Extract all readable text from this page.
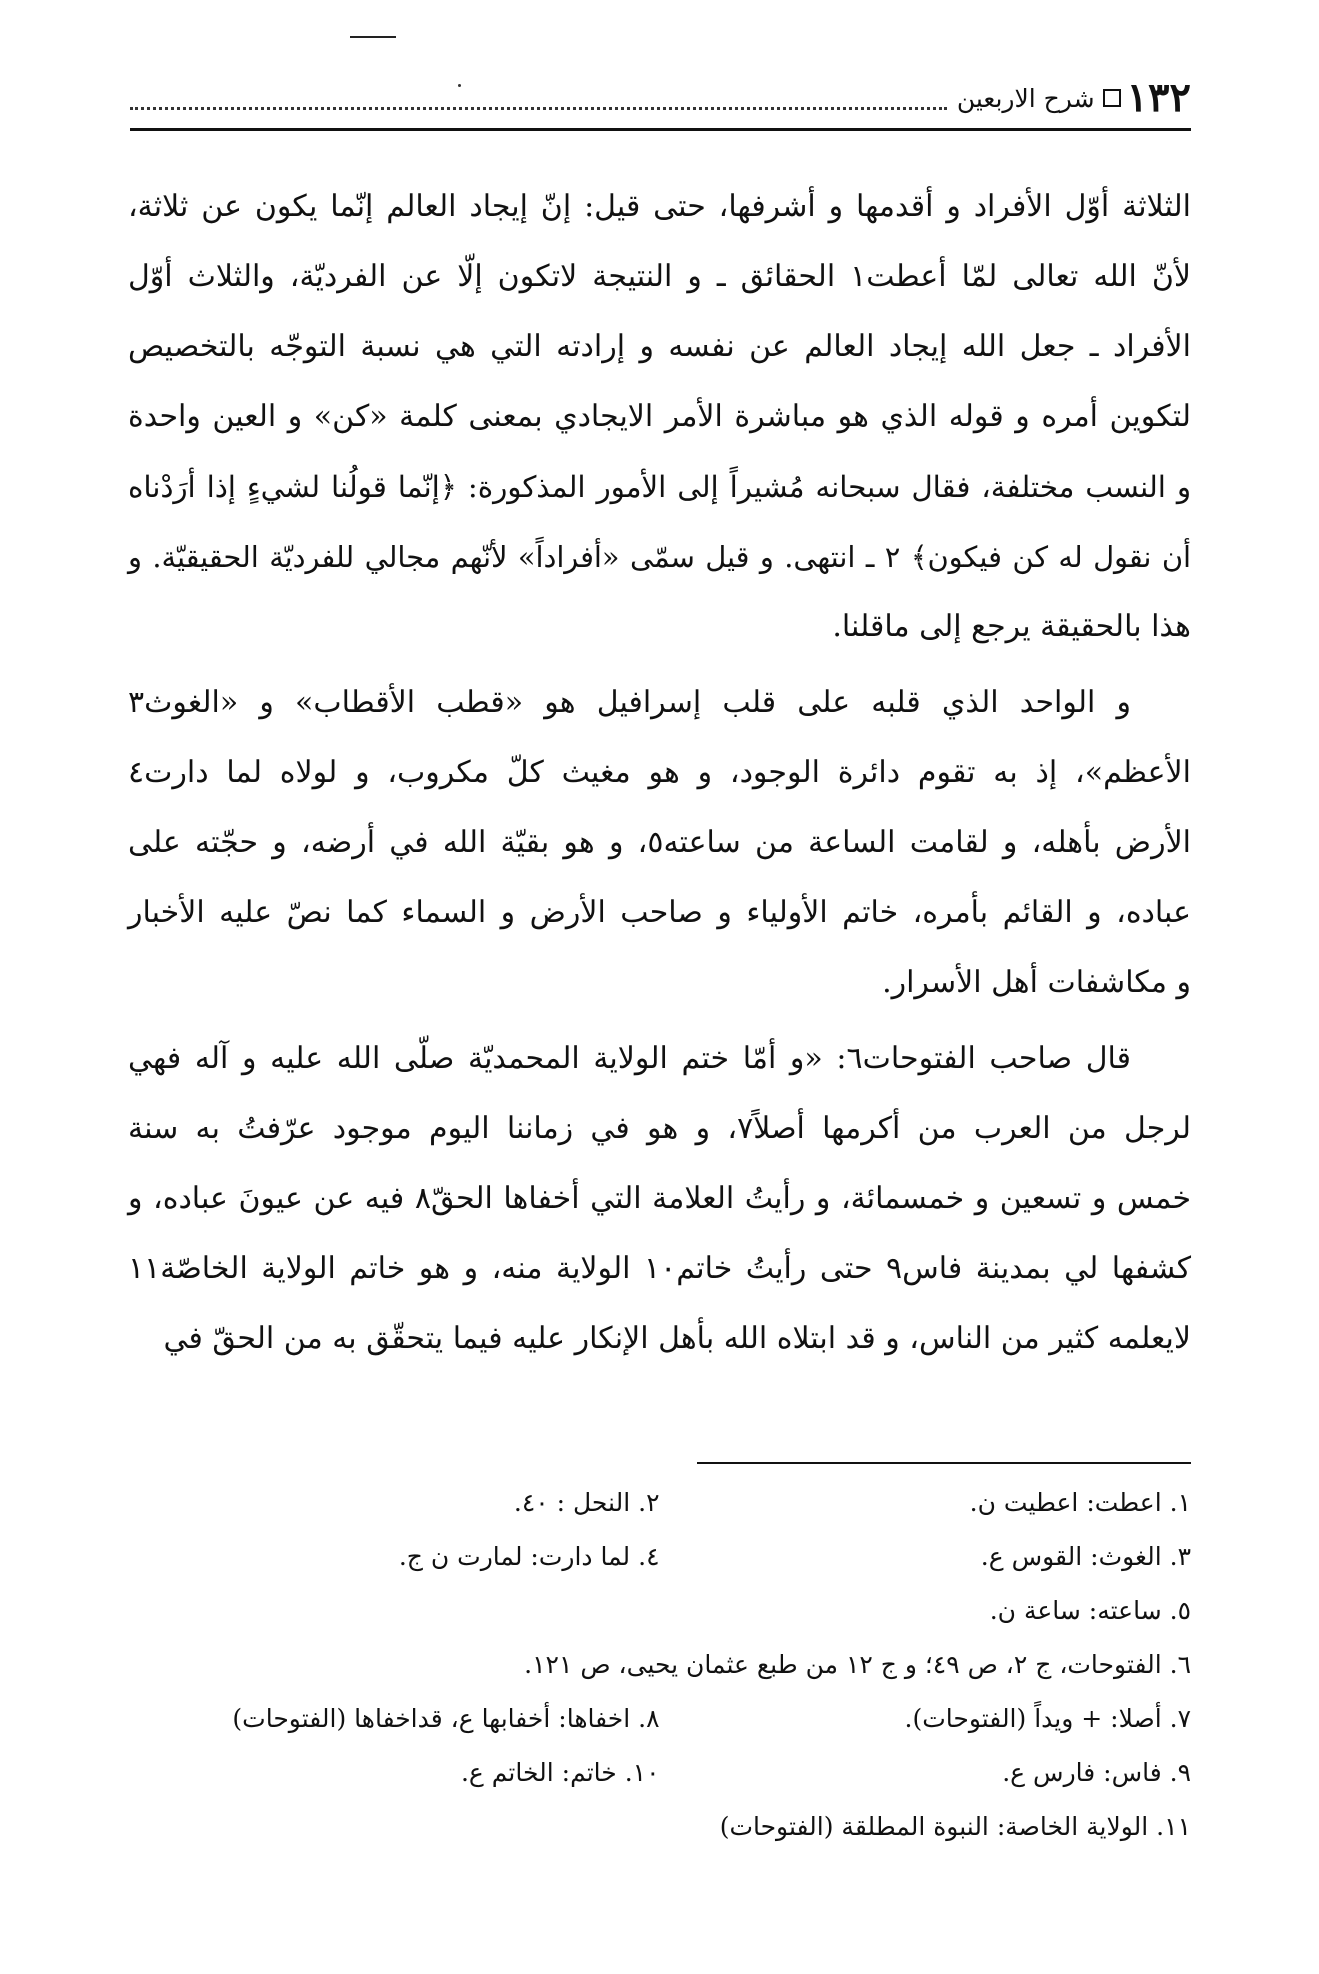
١٣٢
شرح الاربعين

الثلاثة أوّل الأفراد و أقدمها و أشرفها، حتى قيل: إنّ إيجاد العالم إنّما يكون عن ثلاثة،
لأنّ الله تعالى لمّا أعطت١ الحقائق ـ و النتيجة لاتكون إلّا عن الفرديّة، والثلاث أوّل
الأفراد ـ جعل الله إيجاد العالم عن نفسه و إرادته التي هي نسبة التوجّه بالتخصيص
لتكوين أمره و قوله الذي هو مباشرة الأمر الايجادي بمعنى كلمة «كن» و العين واحدة
و النسب مختلفة، فقال سبحانه مُشيراً إلى الأمور المذكورة: ﴿إنّما قولُنا لشيءٍ إذا أرَدْناه
أن نقول له كن فيكون﴾ ٢ ـ انتهى. و قيل سمّى «أفراداً» لأنّهم مجالي للفرديّة الحقيقيّة. و
هذا بالحقيقة يرجع إلى ماقلنا.

و الواحد الذي قلبه على قلب إسرافيل هو «قطب الأقطاب» و «الغوث٣
الأعظم»، إذ به تقوم دائرة الوجود، و هو مغيث كلّ مكروب، و لولاه لما دارت٤
الأرض بأهله، و لقامت الساعة من ساعته٥، و هو بقيّة الله في أرضه، و حجّته على
عباده، و القائم بأمره، خاتم الأولياء و صاحب الأرض و السماء كما نصّ عليه الأخبار
و مكاشفات أهل الأسرار.

قال صاحب الفتوحات٦: «و أمّا ختم الولاية المحمديّة صلّى الله عليه و آله فهي
لرجل من العرب من أكرمها أصلاً٧، و هو في زماننا اليوم موجود عرّفتُ به سنة
خمس و تسعين و خمسمائة، و رأيتُ العلامة التي أخفاها الحقّ٨ فيه عن عيونَ عباده، و
كشفها لي بمدينة فاس٩ حتى رأيتُ خاتم١٠ الولاية منه، و هو خاتم الولاية الخاصّة١١
لايعلمه كثير من الناس، و قد ابتلاه الله بأهل الإنكار عليه فيما يتحقّق به من الحقّ في

١. اعطت: اعطيت ن.
٢. النحل : ٤٠.
٣. الغوث: القوس ع.
٤. لما دارت: لمارت ن ج.
٥. ساعته: ساعة ن.
٦. الفتوحات، ج ٢، ص ٤٩؛ و ج ١٢ من طبع عثمان يحيى، ص ١٢١.
٧. أصلا: + ويداً (الفتوحات).
٨. اخفاها: أخفابها ع، قداخفاها (الفتوحات)
٩. فاس: فارس ع.
١٠. خاتم: الخاتم ع.
١١. الولاية الخاصة: النبوة المطلقة (الفتوحات)
